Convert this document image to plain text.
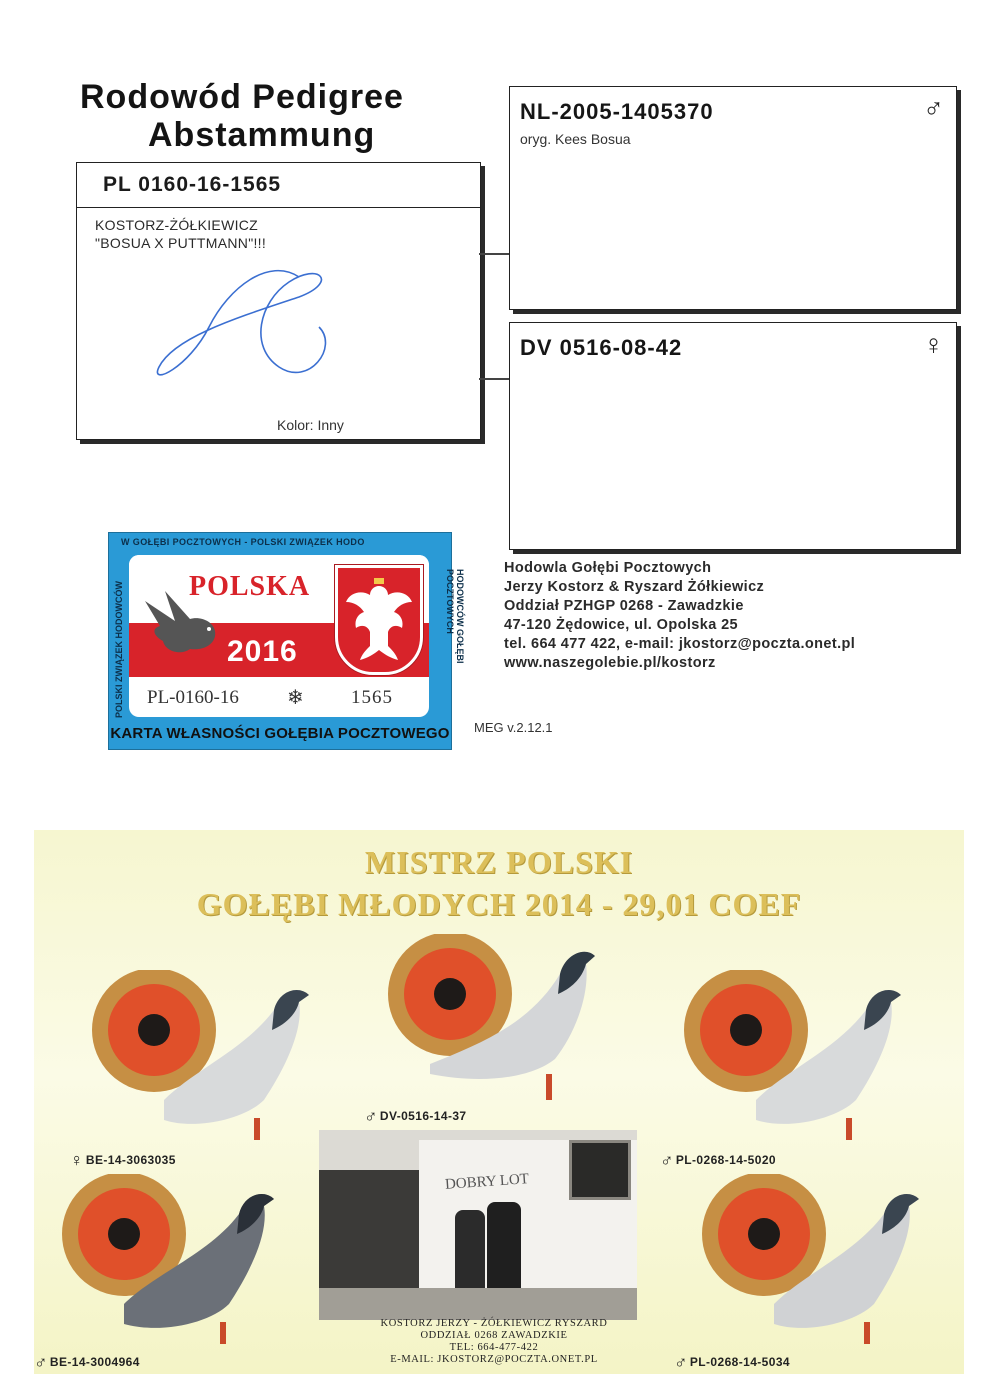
Rodowód Pedigree
Abstammung
PL 0160-16-1565
KOSTORZ-ŻÓŁKIEWICZ
"BOSUA X PUTTMANN"!!!
Kolor: Inny
NL-2005-1405370
oryg. Kees Bosua
♂
DV 0516-08-42	♀
W GOŁĘBI POCZTOWYCH - POLSKI ZWIĄZEK HODO
POLSKI ZWIĄZEK HODOWCÓW	HODOWCÓW GOŁĘBI POCZTOWYCH
POLSKA
2016
PL-0160-16 ❄ 1565
KARTA WŁASNOŚCI GOŁĘBIA POCZTOWEGO
Hodowla Gołębi Pocztowych
Jerzy Kostorz & Ryszard Żółkiewicz
Oddział PZHGP 0268 - Zawadzkie
47-120 Żędowice, ul. Opolska 25
tel. 664 477 422, e-mail: jkostorz@poczta.onet.pl
www.naszegolebie.pl/kostorz
MEG v.2.12.1
MISTRZ POLSKI
GOŁĘBI MŁODYCH 2014 - 29,01 COEF
♀ BE-14-3063035
♂ DV-0516-14-37
♂ PL-0268-14-5020
♂ BE-14-3004964	♂ PL-0268-14-5034
DOBRY LOT
KOSTORZ JERZY - ŻÓŁKIEWICZ RYSZARD
ODDZIAŁ 0268 ZAWADZKIE
TEL: 664-477-422
E-MAIL: JKOSTORZ@POCZTA.ONET.PL
